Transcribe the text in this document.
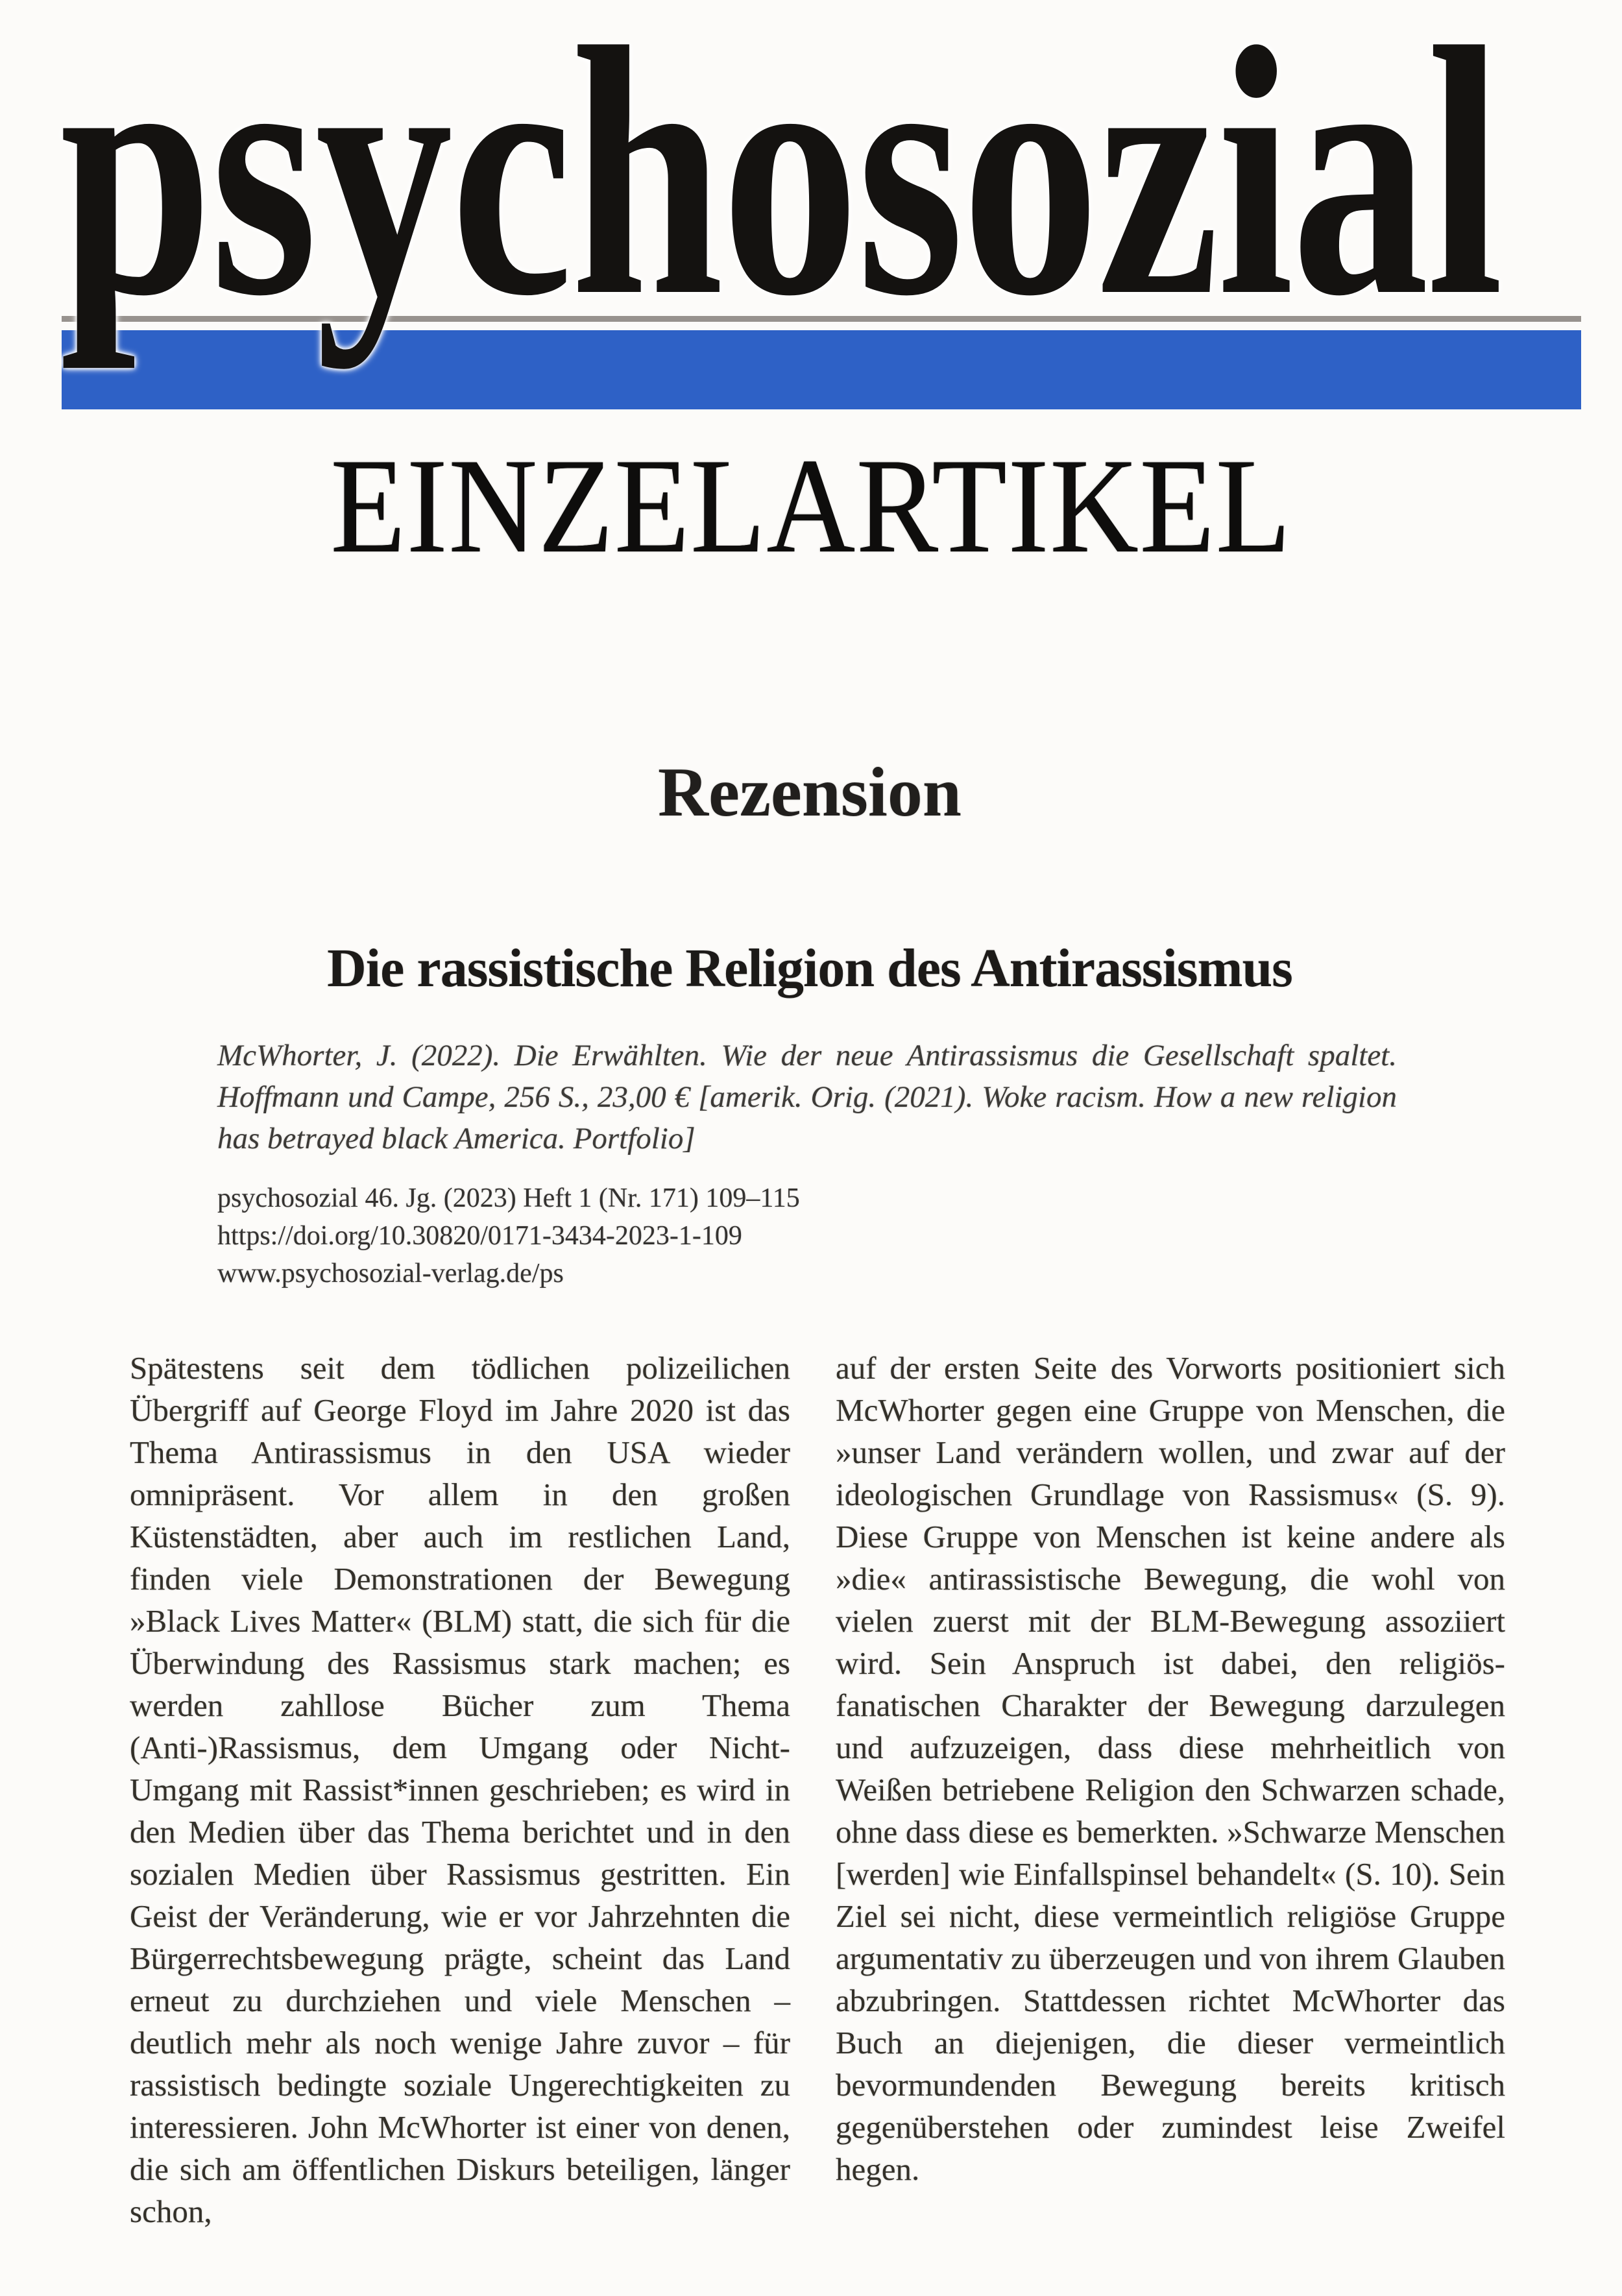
psychosozial
EINZELARTIKEL
Rezension
Die rassistische Religion des Antirassismus

McWhorter, J. (2022). Die Erwählten. Wie der neue Antirassismus die Gesellschaft spaltet. Hoffmann und Campe, 256 S., 23,00 € [amerik. Orig. (2021). Woke racism. How a new religion has betrayed black America. Portfolio]

psychosozial 46. Jg. (2023) Heft 1 (Nr. 171) 109–115
https://doi.org/10.30820/0171-3434-2023-1-109
www.psychosozial-verlag.de/ps
Spätestens seit dem tödlichen polizeilichen Übergriff auf George Floyd im Jahre 2020 ist das Thema Antirassismus in den USA wieder omnipräsent. Vor allem in den großen Küstenstädten, aber auch im restlichen Land, finden viele Demonstrationen der Bewegung »Black Lives Matter« (BLM) statt, die sich für die Überwindung des Rassismus stark machen; es werden zahllose Bücher zum Thema (Anti-)Rassismus, dem Umgang oder Nicht-Umgang mit Rassist*innen geschrieben; es wird in den Medien über das Thema berichtet und in den sozialen Medien über Rassismus gestritten. Ein Geist der Veränderung, wie er vor Jahrzehnten die Bürgerrechtsbewegung prägte, scheint das Land erneut zu durchziehen und viele Menschen – deutlich mehr als noch wenige Jahre zuvor – für rassistisch bedingte soziale Ungerechtigkeiten zu interessieren. John McWhorter ist einer von denen, die sich am öffentlichen Diskurs beteiligen, länger schon,
auf der ersten Seite des Vorworts positioniert sich McWhorter gegen eine Gruppe von Menschen, die »unser Land verändern wollen, und zwar auf der ideologischen Grundlage von Rassismus« (S. 9). Diese Gruppe von Menschen ist keine andere als »die« antirassistische Bewegung, die wohl von vielen zuerst mit der BLM-Bewegung assoziiert wird. Sein Anspruch ist dabei, den religiös-fanatischen Charakter der Bewegung darzulegen und aufzuzeigen, dass diese mehrheitlich von Weißen betriebene Religion den Schwarzen schade, ohne dass diese es bemerkten. »Schwarze Menschen [werden] wie Einfallspinsel behandelt« (S. 10). Sein Ziel sei nicht, diese vermeintlich religiöse Gruppe argumentativ zu überzeugen und von ihrem Glauben abzubringen. Stattdessen richtet McWhorter das Buch an diejenigen, die dieser vermeintlich bevormundenden Bewegung bereits kritisch gegenüberstehen oder zumindest leise Zweifel hegen.
